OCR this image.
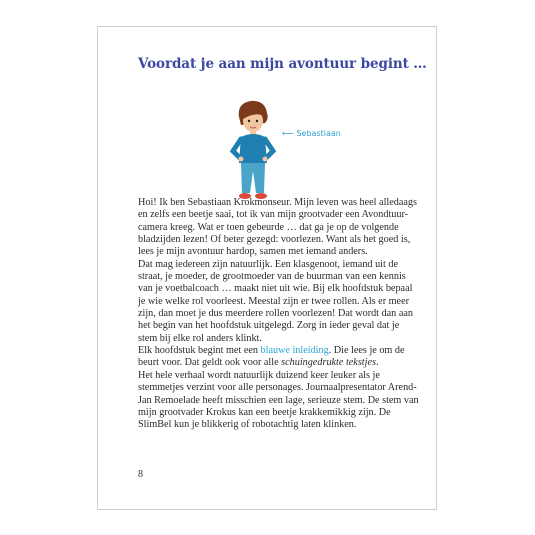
Voordat je aan mijn avontuur begint …
⟵ Sebastiaan

Hoi! Ik ben Sebastiaan Krokmonseur. Mijn leven was heel alledaags en zelfs een beetje saai, tot ik van mijn grootvader een Avondtuur-camera kreeg. Wat er toen gebeurde … dat ga je op de volgende bladzijden lezen! Of beter gezegd: voorlezen. Want als het goed is, lees je mijn avontuur hardop, samen met iemand anders.

Dat mag iedereen zijn natuurlijk. Een klasgenoot, iemand uit de straat, je moeder, de grootmoeder van de buurman van een kennis van je voetbalcoach … maakt niet uit wie. Bij elk hoofdstuk bepaal je wie welke rol voorleest. Meestal zijn er twee rollen. Als er meer zijn, dan moet je dus meerdere rollen voorlezen! Dat wordt dan aan het begin van het hoofdstuk uitgelegd. Zorg in ieder geval dat je stem bij elke rol anders klinkt.

Elk hoofdstuk begint met een blauwe inleiding. Die lees je om de beurt voor. Dat geldt ook voor alle schuingedrukte tekstjes.

Het hele verhaal wordt natuurlijk duizend keer leuker als je stemmetjes verzint voor alle personages. Journaalpresentator Arend-Jan Remoelade heeft misschien een lage, serieuze stem. De stem van mijn grootvader Krokus kan een beetje krakkemikkig zijn. De SlimBel kun je blikkerig of robotachtig laten klinken.

8
